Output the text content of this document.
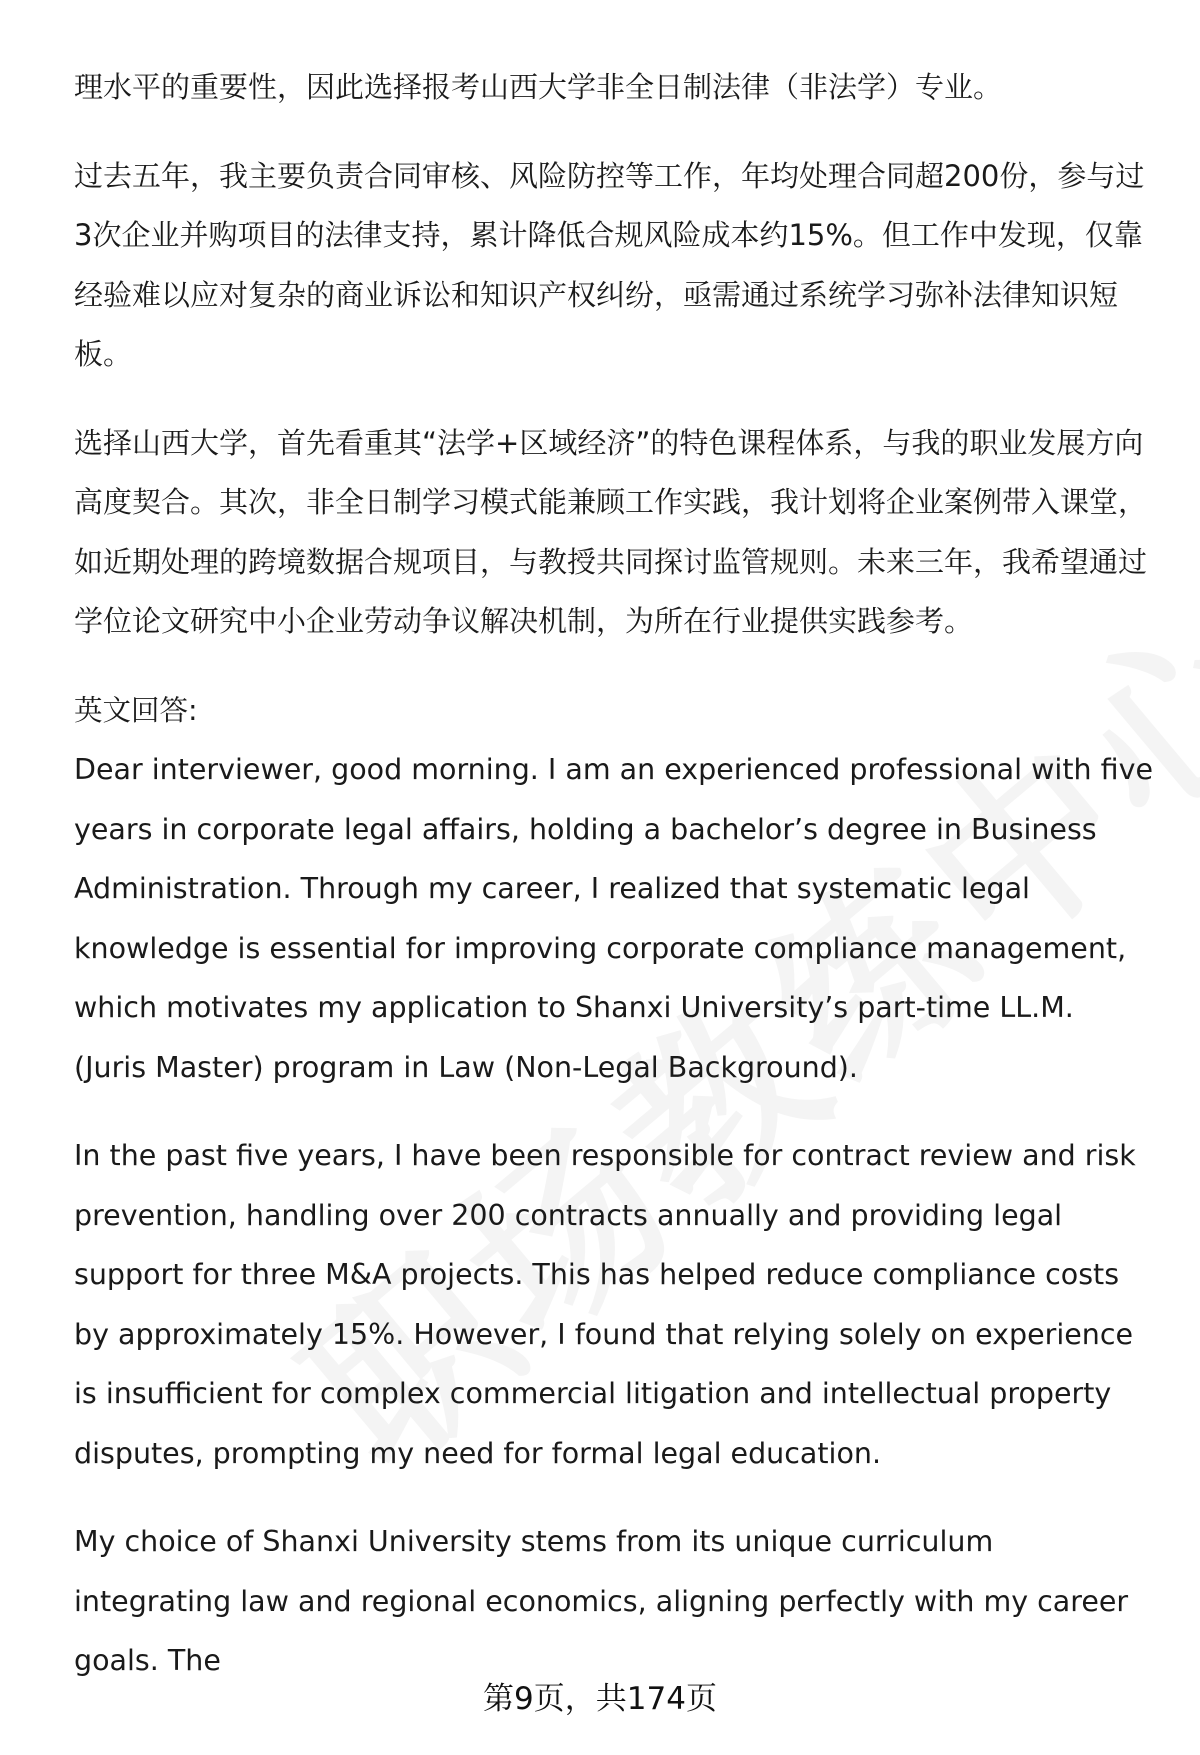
理水平的重要性，因此选择报考山西大学非全日制法律（非法学）专业。

过去五年，我主要负责合同审核、风险防控等工作，年均处理合同超200份，参与过3次企业并购项目的法律支持，累计降低合规风险成本约15%。但工作中发现，仅靠经验难以应对复杂的商业诉讼和知识产权纠纷，亟需通过系统学习弥补法律知识短板。

选择山西大学，首先看重其“法学+区域经济”的特色课程体系，与我的职业发展方向高度契合。其次，非全日制学习模式能兼顾工作实践，我计划将企业案例带入课堂，如近期处理的跨境数据合规项目，与教授共同探讨监管规则。未来三年，我希望通过学位论文研究中小企业劳动争议解决机制，为所在行业提供实践参考。

英文回答:

Dear interviewer, good morning. I am an experienced professional with five years in corporate legal affairs, holding a bachelor’s degree in Business Administration. Through my career, I realized that systematic legal knowledge is essential for improving corporate compliance management, which motivates my application to Shanxi University’s part-time LL.M. (Juris Master) program in Law (Non-Legal Background).

In the past five years, I have been responsible for contract review and risk prevention, handling over 200 contracts annually and providing legal support for three M&A projects. This has helped reduce compliance costs by approximately 15%. However, I found that relying solely on experience is insufficient for complex commercial litigation and intellectual property disputes, prompting my need for formal legal education.

My choice of Shanxi University stems from its unique curriculum integrating law and regional economics, aligning perfectly with my career goals. The

第9页，共174页
